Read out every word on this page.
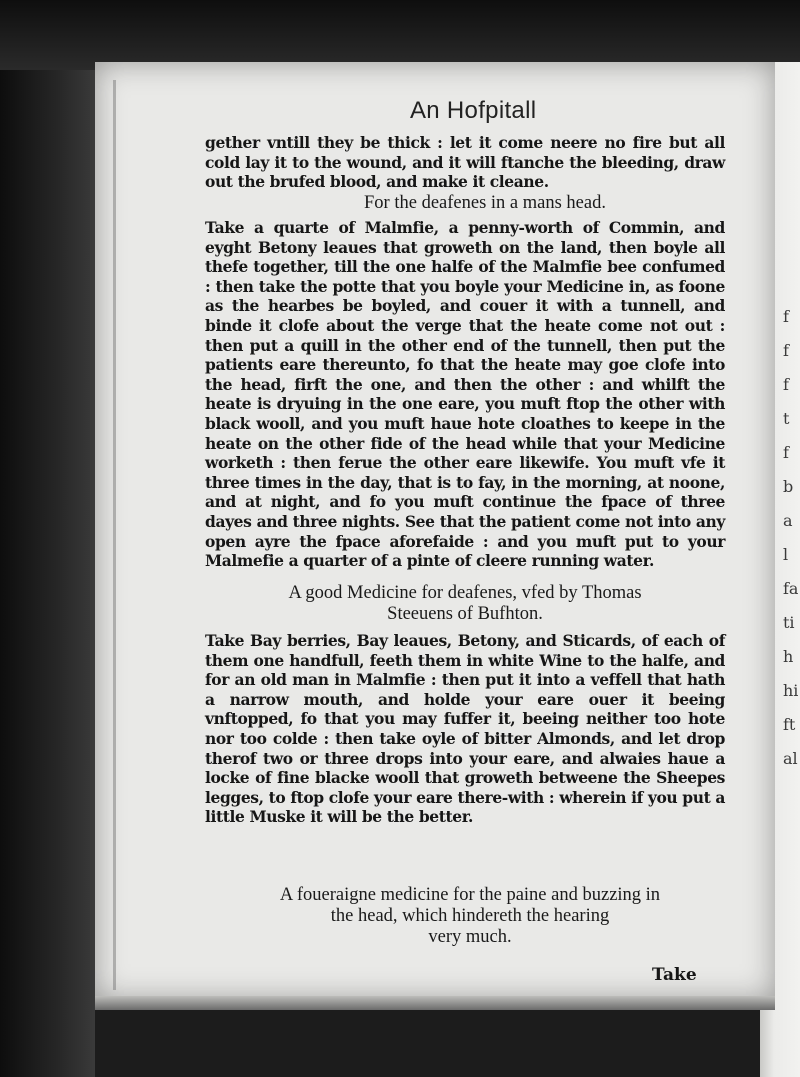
f
f
f
t
f
b
a
l
fa
ti
h
hi
ft
al
An Hofpitall
gether vntill they be thick : let it come neere no fire but all cold lay it to the wound, and it will ftanche the bleeding, draw out the brufed blood, and make it cleane.
For the deafenes in a mans head.
Take a quarte of Malmfie, a penny-worth of Commin, and eyght Betony leaues that groweth on the land, then boyle all thefe together, till the one halfe of the Malmfie bee confumed : then take the potte that you boyle your Medicine in, as foone as the hearbes be boyled, and couer it with a tunnell, and binde it clofe about the verge that the heate come not out : then put a quill in the other end of the tunnell, then put the patients eare thereunto, fo that the heate may goe clofe into the head, firft the one, and then the other : and whilft the heate is dryuing in the one eare, you muft ftop the other with black wooll, and you muft haue hote cloathes to keepe in the heate on the other fide of the head while that your Medicine worketh : then ferue the other eare likewife. You muft vfe it three times in the day, that is to fay, in the morning, at noone, and at night, and fo you muft continue the fpace of three dayes and three nights. See that the patient come not into any open ayre the fpace aforefaide : and you muft put to your Malmefie a quarter of a pinte of cleere running water.
A good Medicine for deafenes, vfed by Thomas
Steeuens of Bufhton.
Take Bay berries, Bay leaues, Betony, and Sticards, of each of them one handfull, feeth them in white Wine to the halfe, and for an old man in Malmfie : then put it into a veffell that hath a narrow mouth, and holde your eare ouer it beeing vnftopped, fo that you may fuffer it, beeing neither too hote nor too colde : then take oyle of bitter Almonds, and let drop therof two or three drops into your eare, and alwaies haue a locke of fine blacke wooll that groweth betweene the Sheepes legges, to ftop clofe your eare there-with : wherein if you put a little Muske it will be the better.
A foueraigne medicine for the paine and buzzing in
the head, which hindereth the hearing
very much.
Take
